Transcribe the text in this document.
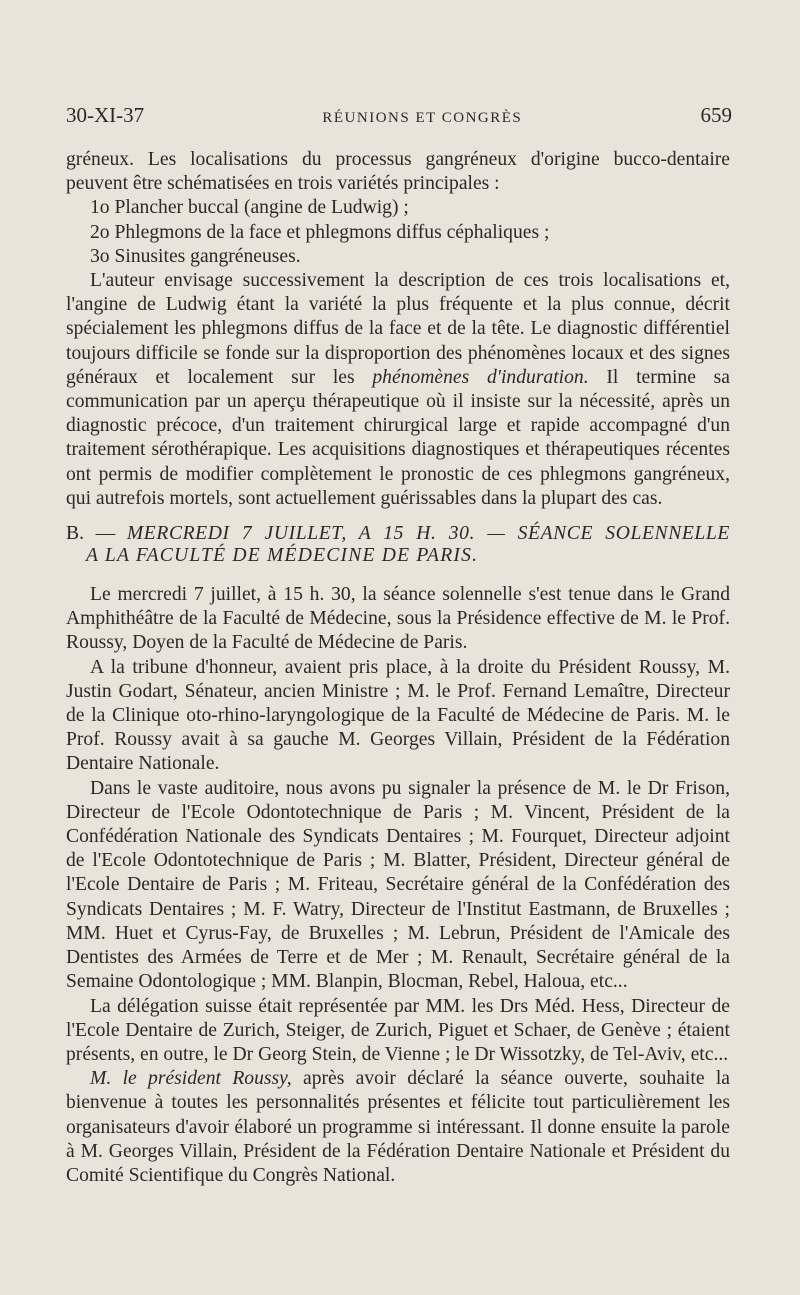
30-XI-37	RÉUNIONS ET CONGRÈS	659

gréneux. Les localisations du processus gangréneux d'origine bucco-dentaire peuvent être schématisées en trois variétés principales :

1o Plancher buccal (angine de Ludwig) ;

2o Phlegmons de la face et phlegmons diffus céphaliques ;

3o Sinusites gangréneuses.

L'auteur envisage successivement la description de ces trois localisations et, l'angine de Ludwig étant la variété la plus fréquente et la plus connue, décrit spécialement les phlegmons diffus de la face et de la tête. Le diagnostic différentiel toujours difficile se fonde sur la disproportion des phénomènes locaux et des signes généraux et localement sur les phénomènes d'induration. Il termine sa communication par un aperçu thérapeutique où il insiste sur la nécessité, après un diagnostic précoce, d'un traitement chirurgical large et rapide accompagné d'un traitement sérothérapique. Les acquisitions diagnostiques et thérapeutiques récentes ont permis de modifier complètement le pronostic de ces phlegmons gangréneux, qui autrefois mortels, sont actuellement guérissables dans la plupart des cas.

B. — MERCREDI 7 JUILLET, A 15 H. 30. — SÉANCE SOLENNELLE
A LA FACULTÉ DE MÉDECINE DE PARIS.

Le mercredi 7 juillet, à 15 h. 30, la séance solennelle s'est tenue dans le Grand Amphithéâtre de la Faculté de Médecine, sous la Présidence effective de M. le Prof. Roussy, Doyen de la Faculté de Médecine de Paris.

A la tribune d'honneur, avaient pris place, à la droite du Président Roussy, M. Justin Godart, Sénateur, ancien Ministre ; M. le Prof. Fernand Lemaître, Directeur de la Clinique oto-rhino-laryngologique de la Faculté de Médecine de Paris. M. le Prof. Roussy avait à sa gauche M. Georges Villain, Président de la Fédération Dentaire Nationale.

Dans le vaste auditoire, nous avons pu signaler la présence de M. le Dr Frison, Directeur de l'Ecole Odontotechnique de Paris ; M. Vincent, Président de la Confédération Nationale des Syndicats Dentaires ; M. Fourquet, Directeur adjoint de l'Ecole Odontotechnique de Paris ; M. Blatter, Président, Directeur général de l'Ecole Dentaire de Paris ; M. Friteau, Secrétaire général de la Confédération des Syndicats Dentaires ; M. F. Watry, Directeur de l'Institut Eastmann, de Bruxelles ; MM. Huet et Cyrus-Fay, de Bruxelles ; M. Lebrun, Président de l'Amicale des Dentistes des Armées de Terre et de Mer ; M. Renault, Secrétaire général de la Semaine Odontologique ; MM. Blanpin, Blocman, Rebel, Haloua, etc...

La délégation suisse était représentée par MM. les Drs Méd. Hess, Directeur de l'Ecole Dentaire de Zurich, Steiger, de Zurich, Piguet et Schaer, de Genève ; étaient présents, en outre, le Dr Georg Stein, de Vienne ; le Dr Wissotzky, de Tel-Aviv, etc...

M. le président Roussy, après avoir déclaré la séance ouverte, souhaite la bienvenue à toutes les personnalités présentes et félicite tout particulièrement les organisateurs d'avoir élaboré un programme si intéressant. Il donne ensuite la parole à M. Georges Villain, Président de la Fédération Dentaire Nationale et Président du Comité Scientifique du Congrès National.
